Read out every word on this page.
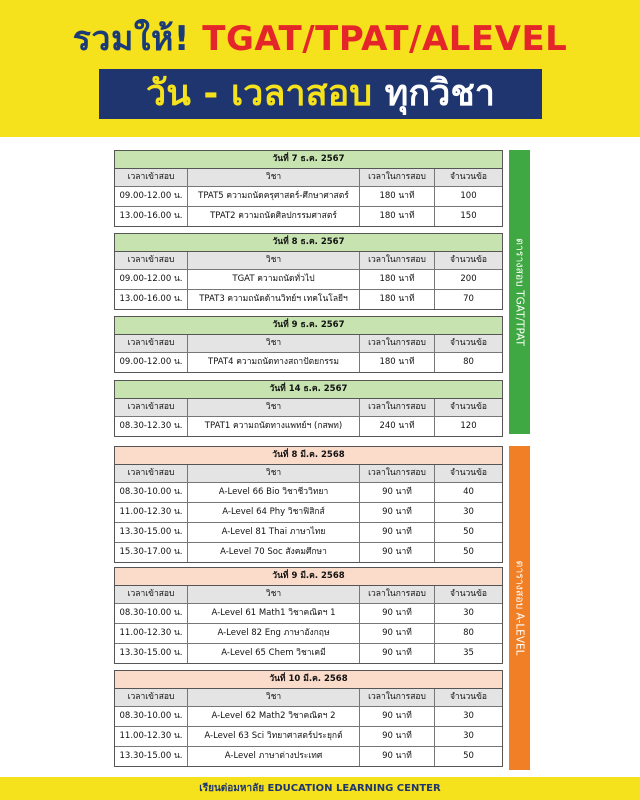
รวมให้! TGAT/TPAT/ALEVEL
วัน - เวลาสอบ ทุกวิชา
วันที่ 7 ธ.ค. 2567
เวลาเข้าสอบ	วิชา	เวลาในการสอบ	จำนวนข้อ
09.00-12.00 น.	TPAT5 ความถนัดครุศาสตร์-ศึกษาศาสตร์	180 นาที	100
13.00-16.00 น.	TPAT2 ความถนัดศิลปกรรมศาสตร์	180 นาที	150
วันที่ 8 ธ.ค. 2567
เวลาเข้าสอบ	วิชา	เวลาในการสอบ	จำนวนข้อ
09.00-12.00 น.	TGAT ความถนัดทั่วไป	180 นาที	200
13.00-16.00 น.	TPAT3 ความถนัดด้านวิทย์ฯ เทคโนโลยีฯ	180 นาที	70
วันที่ 9 ธ.ค. 2567
เวลาเข้าสอบ	วิชา	เวลาในการสอบ	จำนวนข้อ
09.00-12.00 น.	TPAT4 ความถนัดทางสถาปัตยกรรม	180 นาที	80
วันที่ 14 ธ.ค. 2567
เวลาเข้าสอบ	วิชา	เวลาในการสอบ	จำนวนข้อ
08.30-12.30 น.	TPAT1 ความถนัดทางแพทย์ฯ (กสพท)	240 นาที	120
วันที่ 8 มี.ค. 2568
เวลาเข้าสอบ	วิชา	เวลาในการสอบ	จำนวนข้อ
08.30-10.00 น.	A-Level 66 Bio วิชาชีววิทยา	90 นาที	40
11.00-12.30 น.	A-Level 64 Phy วิชาฟิสิกส์	90 นาที	30
13.30-15.00 น.	A-Level 81 Thai ภาษาไทย	90 นาที	50
15.30-17.00 น.	A-Level 70 Soc สังคมศึกษา	90 นาที	50
วันที่ 9 มี.ค. 2568
เวลาเข้าสอบ	วิชา	เวลาในการสอบ	จำนวนข้อ
08.30-10.00 น.	A-Level 61 Math1 วิชาคณิตฯ 1	90 นาที	30
11.00-12.30 น.	A-Level 82 Eng ภาษาอังกฤษ	90 นาที	80
13.30-15.00 น.	A-Level 65 Chem วิชาเคมี	90 นาที	35
วันที่ 10 มี.ค. 2568
เวลาเข้าสอบ	วิชา	เวลาในการสอบ	จำนวนข้อ
08.30-10.00 น.	A-Level 62 Math2 วิชาคณิตฯ 2	90 นาที	30
11.00-12.30 น.	A-Level 63 Sci วิทยาศาสตร์ประยุกต์	90 นาที	30
13.30-15.00 น.	A-Level ภาษาต่างประเทศ	90 นาที	50
ตารางสอบ TGAT/TPAT
ตารางสอบ A-LEVEL
เรียนต่อมหาลัย EDUCATION LEARNING CENTER
